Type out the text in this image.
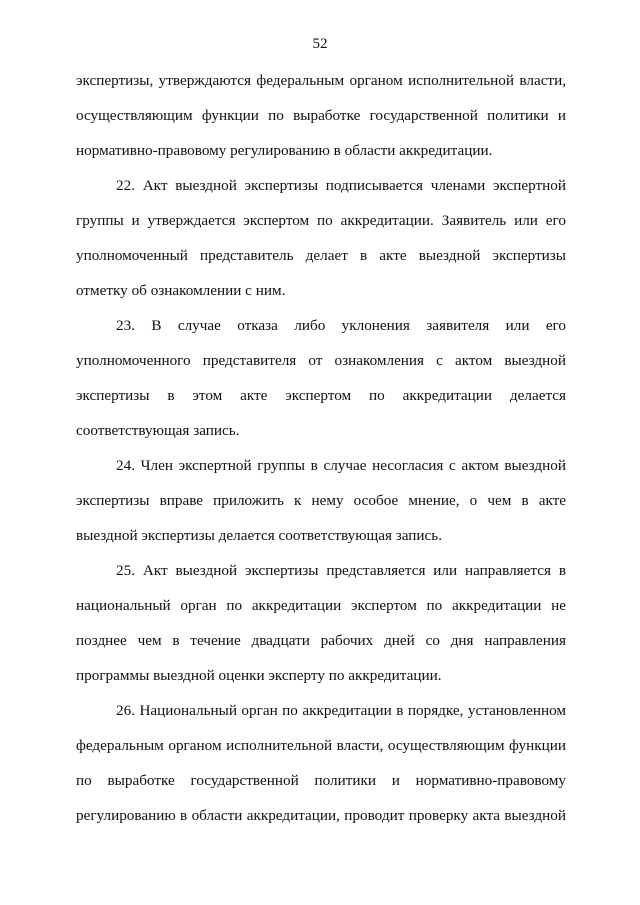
52
экспертизы, утверждаются федеральным органом исполнительной власти,
осуществляющим функции по выработке государственной политики и
нормативно-правовому регулированию в области аккредитации.
22. Акт выездной экспертизы подписывается членами экспертной
группы и утверждается экспертом по аккредитации. Заявитель или его
уполномоченный представитель делает в акте выездной экспертизы
отметку об ознакомлении с ним.
23. В случае отказа либо уклонения заявителя или его
уполномоченного представителя от ознакомления с актом выездной
экспертизы в этом акте экспертом по аккредитации делается
соответствующая запись.
24. Член экспертной группы в случае несогласия с актом выездной
экспертизы вправе приложить к нему особое мнение, о чем в акте
выездной экспертизы делается соответствующая запись.
25. Акт выездной экспертизы представляется или направляется в
национальный орган по аккредитации экспертом по аккредитации не
позднее чем в течение двадцати рабочих дней со дня направления
программы выездной оценки эксперту по аккредитации.
26. Национальный орган по аккредитации в порядке, установленном
федеральным органом исполнительной власти, осуществляющим функции
по выработке государственной политики и нормативно-правовому
регулированию в области аккредитации, проводит проверку акта выездной
